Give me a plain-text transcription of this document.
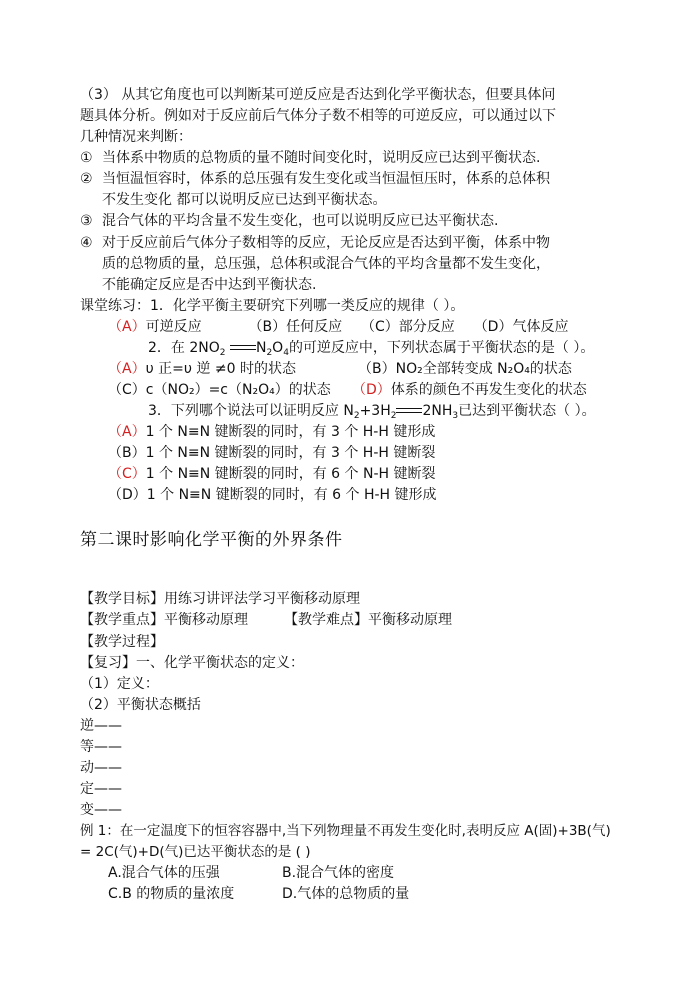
（3） 从其它角度也可以判断某可逆反应是否达到化学平衡状态，但要具体问
题具体分析。例如对于反应前后气体分子数不相等的可逆反应，可以通过以下
几种情况来判断：
① 当体系中物质的总物质的量不随时间变化时，说明反应已达到平衡状态.
② 当恒温恒容时，体系的总压强有发生变化或当恒温恒压时，体系的总体积
不发生变化 都可以说明反应已达到平衡状态。
③ 混合气体的平均含量不发生变化，也可以说明反应已达平衡状态.
④ 对于反应前后气体分子数相等的反应，无论反应是否达到平衡，体系中物
质的总物质的量，总压强，总体积或混合气体的平均含量都不发生变化，
不能确定反应是否中达到平衡状态.
课堂练习：1．化学平衡主要研究下列哪一类反应的规律（ ）。
（A）可逆反应	（B）任何反应 （C）部分反应 （D）气体反应
2．在 $2NO_2$ $N_2O_4$的可逆反应中，下列状态属于平衡状态的是（ ）。
（A）υ 正=υ 逆 ≠0 时的状态	（B）NO₂全部转变成 N₂O₄的状态
（C）c（NO₂）=c（N₂O₄）的状态 （D）体系的颜色不再发生变化的状态
3．下列哪个说法可以证明反应 $N_2+3H_2$ $2NH_3$已达到平衡状态（ ）。
（A）1 个 N≡N 键断裂的同时，有 3 个 H-H 键形成
（B）1 个 N≡N 键断裂的同时，有 3 个 H-H 键断裂
（C）1 个 N≡N 键断裂的同时，有 6 个 N-H 键断裂
（D）1 个 N≡N 键断裂的同时，有 6 个 H-H 键形成
第二课时影响化学平衡的外界条件
【教学目标】用练习讲评法学习平衡移动原理
【教学重点】平衡移动原理	【教学难点】平衡移动原理
【教学过程】
【复习】一、化学平衡状态的定义：
（1）定义：
（2）平衡状态概括
逆——
等——
动——
定——
变——
例 1：在一定温度下的恒容容器中,当下列物理量不再发生变化时,表明反应 A(固)+3B(气)
= 2C(气)+D(气)已达平衡状态的是 ( )
A.混合气体的压强	B.混合气体的密度
C.B 的物质的量浓度	D.气体的总物质的量
